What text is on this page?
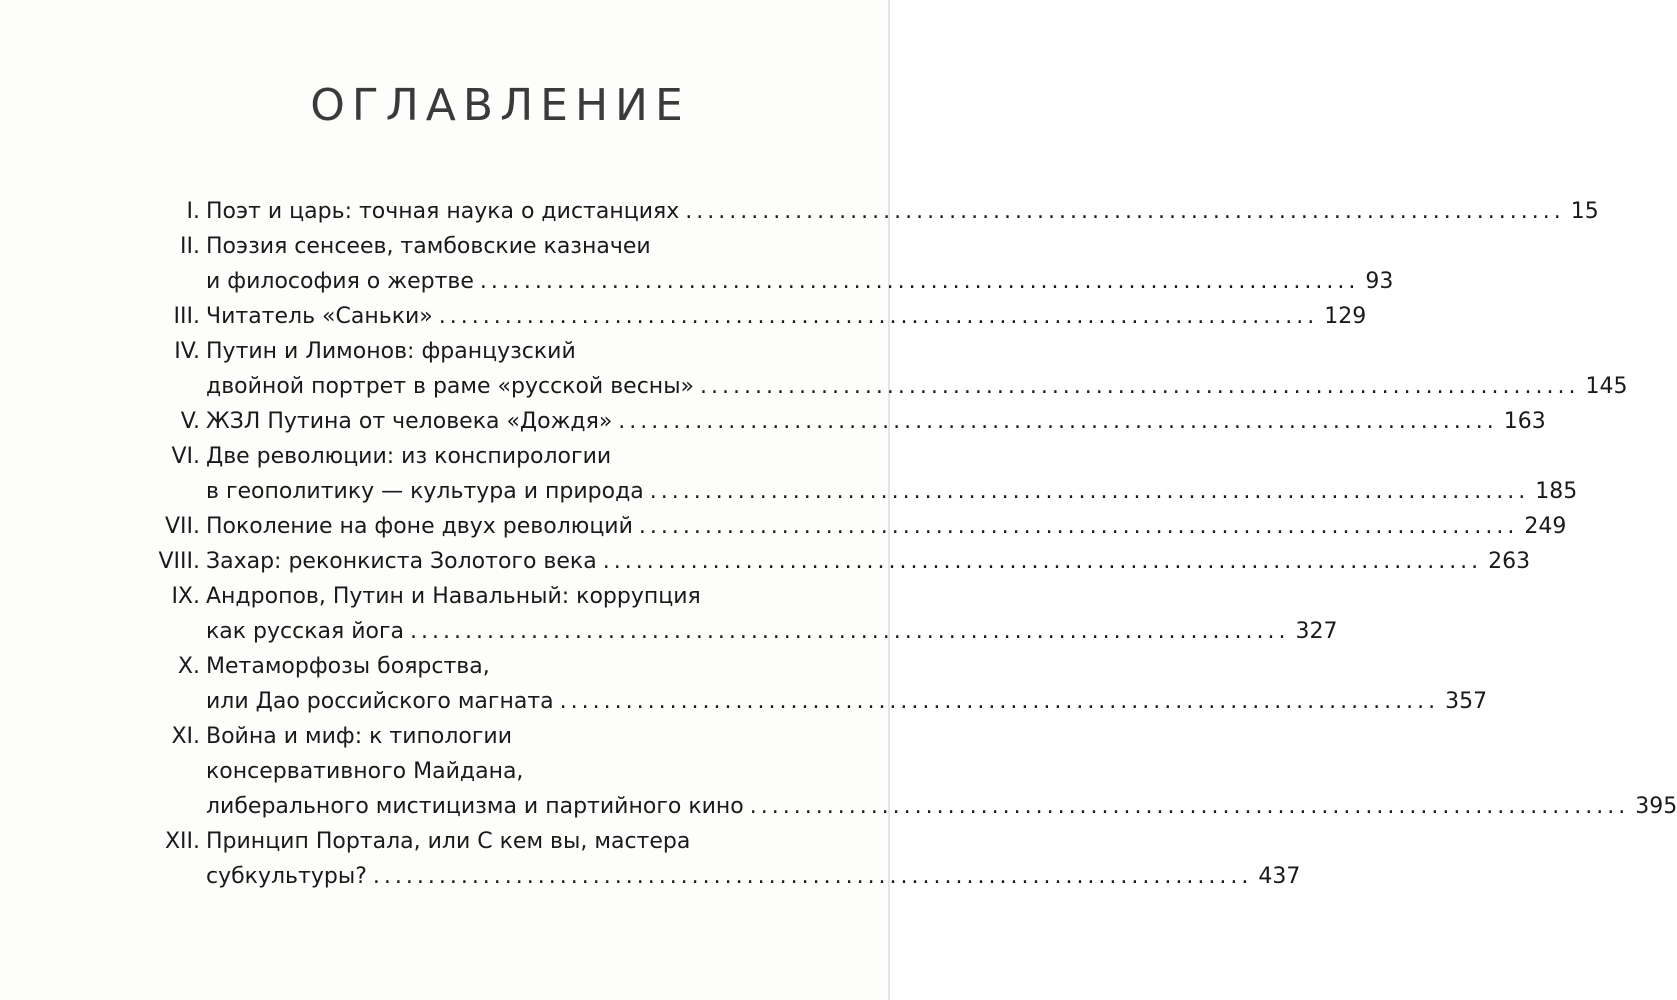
ОГЛАВЛЕНИЕ
I. Поэт и царь: точная наука о дистанциях ................................................................................ 15
II. Поэзия сенсеев, тамбовские казначеи
и философия о жертве ................................................................................ 93
III. Читатель «Саньки» ................................................................................ 129
IV. Путин и Лимонов: французский
двойной портрет в раме «русской весны» ................................................................................ 145
V. ЖЗЛ Путина от человека «Дождя» ................................................................................ 163
VI. Две революции: из конспирологии
в геополитику — культура и природа ................................................................................ 185
VII. Поколение на фоне двух революций ................................................................................ 249
VIII. Захар: реконкиста Золотого века ................................................................................ 263
IX. Андропов, Путин и Навальный: коррупция
как русская йога ................................................................................ 327
X. Метаморфозы боярства,
или Дао российского магната ................................................................................ 357
XI. Война и миф: к типологии
консервативного Майдана,
либерального мистицизма и партийного кино ................................................................................ 395
XII. Принцип Портала, или С кем вы, мастера
субкультуры? ................................................................................ 437
